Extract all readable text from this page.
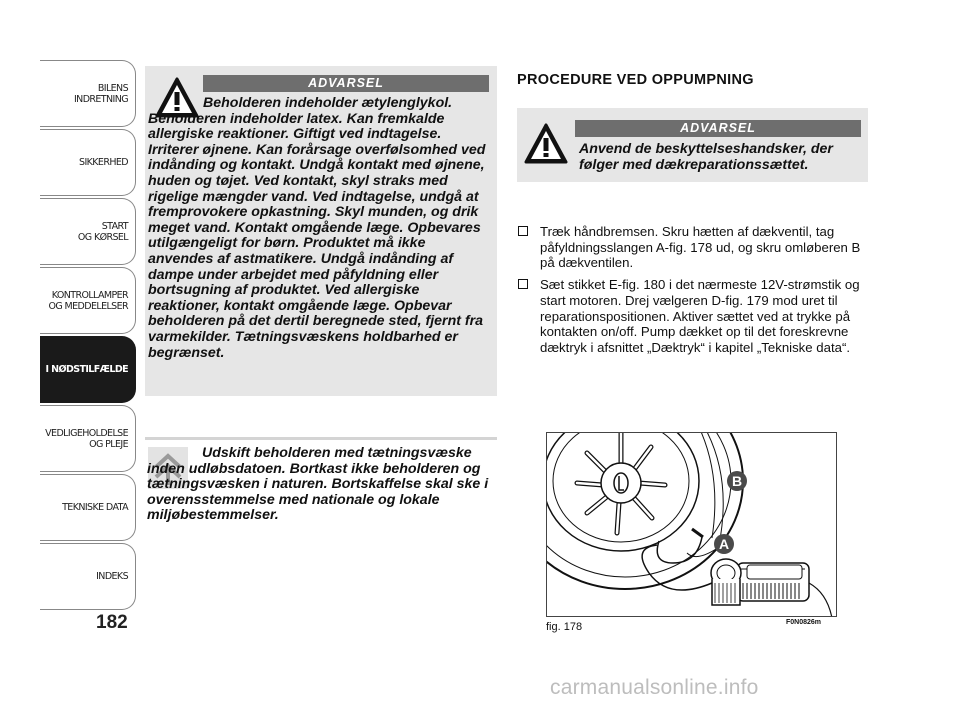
BILENS
INDRETNING
SIKKERHED
START
OG KØRSEL
KONTROLLAMPER
OG MEDDELELSER
I NØDSTILFÆLDE
VEDLIGEHOLDELSE
OG PLEJE
TEKNISKE DATA
INDEKS
182
ADVARSEL

Beholderen indeholder ætylenglykol. Beholderen indeholder latex. Kan fremkalde allergiske reaktioner. Giftigt ved indtagelse. Irriterer øjnene. Kan forårsage overfølsomhed ved indånding og kontakt. Undgå kontakt med øjnene, huden og tøjet. Ved kontakt, skyl straks med rigelige mængder vand. Ved indtagelse, undgå at fremprovokere opkastning. Skyl munden, og drik meget vand. Kontakt omgående læge. Opbevares utilgængeligt for børn. Produktet må ikke anvendes af astmatikere. Undgå indånding af dampe under arbejdet med påfyldning eller bortsugning af produktet. Ved allergiske reaktioner, kontakt omgående læge. Opbevar beholderen på det dertil beregnede sted, fjernt fra varmekilder. Tætningsvæskens holdbarhed er begrænset.

Udskift beholderen med tætningsvæske inden udløbsdatoen. Bortkast ikke beholderen og tætningsvæsken i naturen. Bortskaffelse skal ske i overensstemmelse med nationale og lokale miljøbestemmelser.

PROCEDURE VED OPPUMPNING
ADVARSEL

Anvend de beskyttelseshandsker, der følger med dækreparationssættet.

Træk håndbremsen. Skru hætten af dækventil, tag påfyldningsslangen A-fig. 178 ud, og skru omløberen B på dækventilen.
Sæt stikket E-fig. 180 i det nærmeste 12V-strømstik og start motoren. Drej vælgeren D-fig. 179 mod uret til reparationspositionen. Aktiver sættet ved at trykke på kontakten on/off. Pump dækket op til det foreskrevne dæktryk i afsnittet „Dæktryk“ i kapitel „Tekniske data“.
B
A
fig. 178	F0N0826m
carmanualsonline.info
